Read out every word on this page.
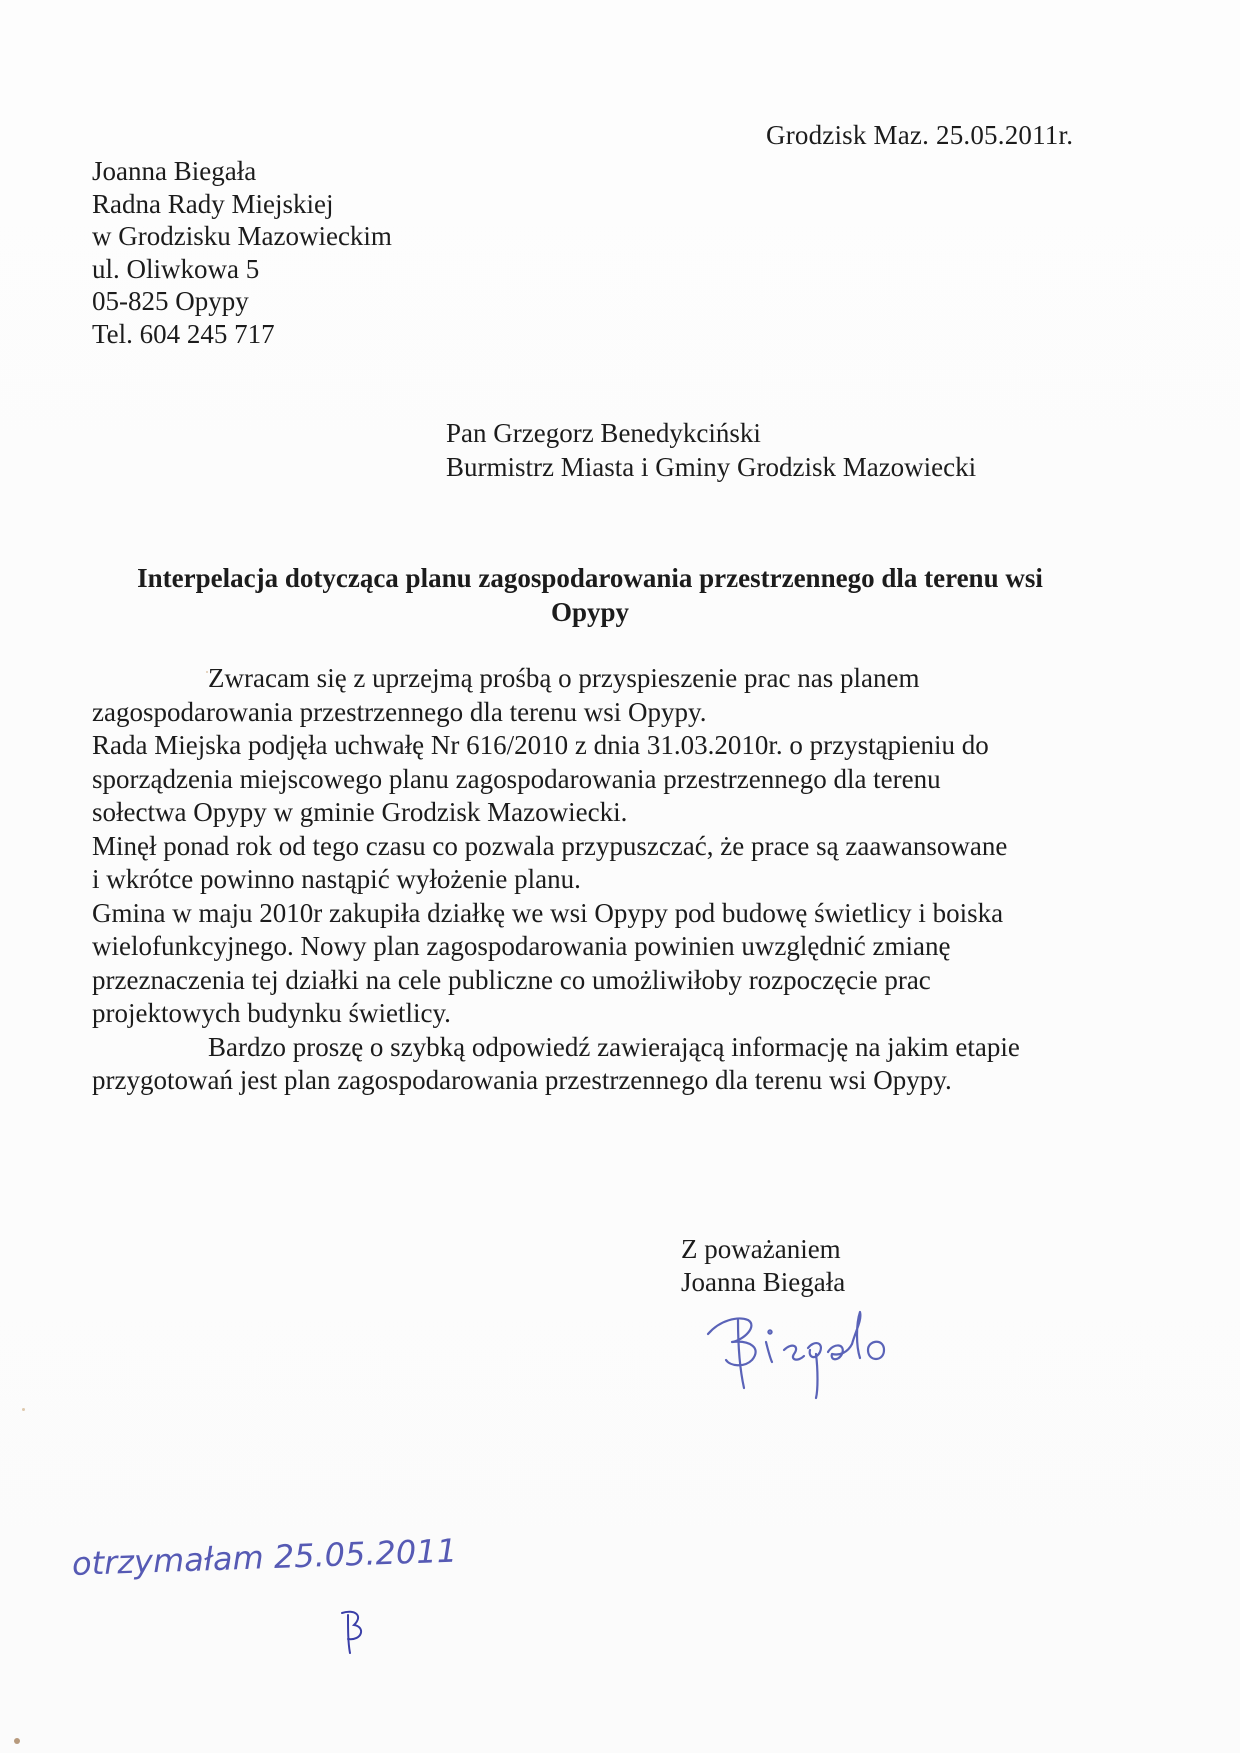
Grodzisk Maz. 25.05.2011r.
Joanna Biegała
Radna Rady Miejskiej
w Grodzisku Mazowieckim
ul. Oliwkowa 5
05-825 Opypy
Tel. 604 245 717
Pan Grzegorz Benedykciński
Burmistrz Miasta i Gminy Grodzisk Mazowiecki
Interpelacja dotycząca planu zagospodarowania przestrzennego dla terenu wsi
Opypy

Zwracam się z uprzejmą prośbą o przyspieszenie prac nas planem

zagospodarowania przestrzennego dla terenu wsi Opypy.

Rada Miejska podjęła uchwałę Nr 616/2010 z dnia 31.03.2010r. o przystąpieniu do

sporządzenia miejscowego planu zagospodarowania przestrzennego dla terenu

sołectwa Opypy w gminie Grodzisk Mazowiecki.

Minęł ponad rok od tego czasu co pozwala przypuszczać, że prace są zaawansowane

i wkrótce powinno nastąpić wyłożenie planu.

Gmina w maju 2010r zakupiła działkę we wsi Opypy pod budowę świetlicy i boiska

wielofunkcyjnego. Nowy plan zagospodarowania powinien uwzględnić zmianę

przeznaczenia tej działki na cele publiczne co umożliwiłoby rozpoczęcie prac

projektowych budynku świetlicy.

Bardzo proszę o szybką odpowiedź zawierającą informację na jakim etapie

przygotowań jest plan zagospodarowania przestrzennego dla terenu wsi Opypy.

Z poważaniem
Joanna Biegała
otrzymałam 25.05.2011
